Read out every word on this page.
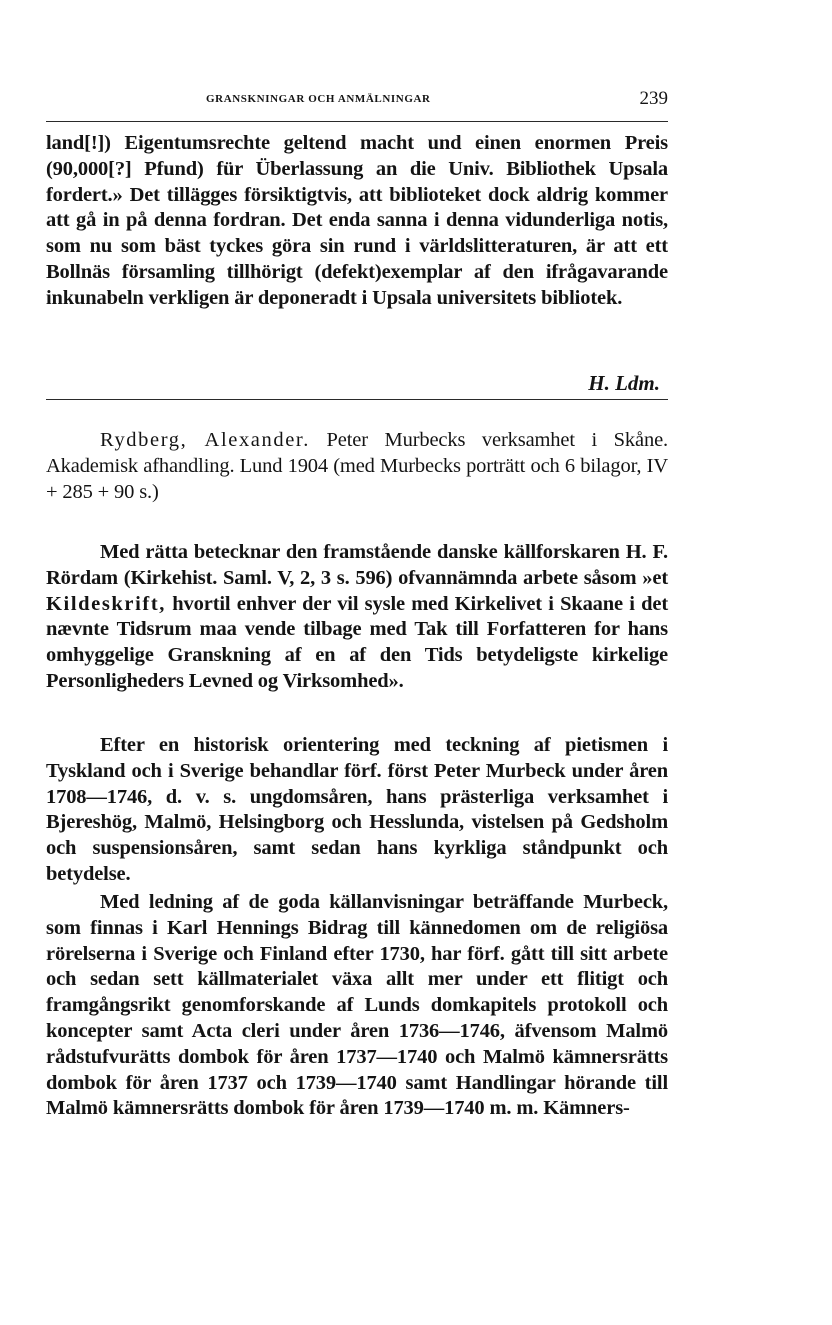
GRANSKNINGAR OCH ANMÄLNINGAR	239

land[!]) Eigentumsrechte geltend macht und einen enormen Preis (90,000[?] Pfund) für Überlassung an die Univ. Bibliothek Upsala fordert.» Det tillägges försiktigtvis, att biblioteket dock aldrig kommer att gå in på denna fordran. Det enda sanna i denna vidunderliga notis, som nu som bäst tyckes göra sin rund i världslitteraturen, är att ett Bollnäs församling tillhörigt (defekt)exemplar af den ifrågavarande inkunabeln verkligen är deponeradt i Upsala universitets bibliotek.

H. Ldm.

Rydberg, Alexander. Peter Murbecks verksamhet i Skåne. Akademisk afhandling. Lund 1904 (med Murbecks porträtt och 6 bilagor, IV + 285 + 90 s.)

Med rätta betecknar den framstående danske källforskaren H. F. Rördam (Kirkehist. Saml. V, 2, 3 s. 596) ofvannämnda arbete såsom »et Kildeskrift, hvortil enhver der vil sysle med Kirkelivet i Skaane i det nævnte Tidsrum maa vende tilbage med Tak till Forfatteren for hans omhyggelige Granskning af en af den Tids betydeligste kirkelige Personligheders Levned og Virksomhed».

Efter en historisk orientering med teckning af pietismen i Tyskland och i Sverige behandlar förf. först Peter Murbeck under åren 1708—1746, d. v. s. ungdomsåren, hans prästerliga verksamhet i Bjereshög, Malmö, Helsingborg och Hesslunda, vistelsen på Gedsholm och suspensionsåren, samt sedan hans kyrkliga ståndpunkt och betydelse.

Med ledning af de goda källanvisningar beträffande Murbeck, som finnas i Karl Hennings Bidrag till kännedomen om de religiösa rörelserna i Sverige och Finland efter 1730, har förf. gått till sitt arbete och sedan sett källmaterialet växa allt mer under ett flitigt och framgångsrikt genomforskande af Lunds domkapitels protokoll och koncepter samt Acta cleri under åren 1736—1746, äfvensom Malmö rådstufvurätts dombok för åren 1737—1740 och Malmö kämnersrätts dombok för åren 1737 och 1739—1740 samt Handlingar hörande till Malmö kämnersrätts dombok för åren 1739—1740 m. m. Kämners-
